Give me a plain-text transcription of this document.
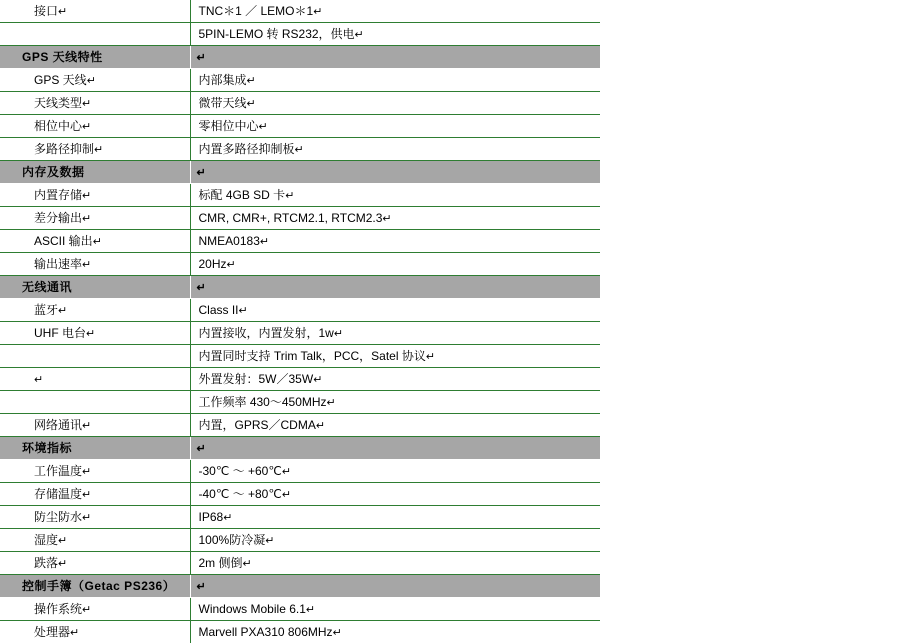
接口↵	TNC＊1 ／ LEMO＊1↵
	5PIN-LEMO 转 RS232，供电↵
GPS 天线特性	↵
GPS 天线↵	内部集成↵
天线类型↵	微带天线↵
相位中心↵	零相位中心↵
多路径抑制↵	内置多路径抑制板↵
内存及数据	↵
内置存储↵	标配 4GB SD 卡↵
差分输出↵	CMR, CMR+, RTCM2.1, RTCM2.3↵
ASCII 输出↵	NMEA0183↵
输出速率↵	20Hz↵
无线通讯	↵
蓝牙↵	Class II↵
UHF 电台↵	内置接收，内置发射，1w↵
	内置同时支持 Trim Talk，PCC，Satel 协议↵
↵	外置发射：5W／35W↵
	工作频率 430～450MHz↵
网络通讯↵	内置，GPRS／CDMA↵
环境指标	↵
工作温度↵	-30℃ ～ +60℃↵
存储温度↵	-40℃ ～ +80℃↵
防尘防水↵	IP68↵
湿度↵	100%防冷凝↵
跌落↵	2m 侧倒↵
控制手簿（Getac PS236）	↵
操作系统↵	Windows Mobile 6.1↵
处理器↵	Marvell PXA310 806MHz↵
